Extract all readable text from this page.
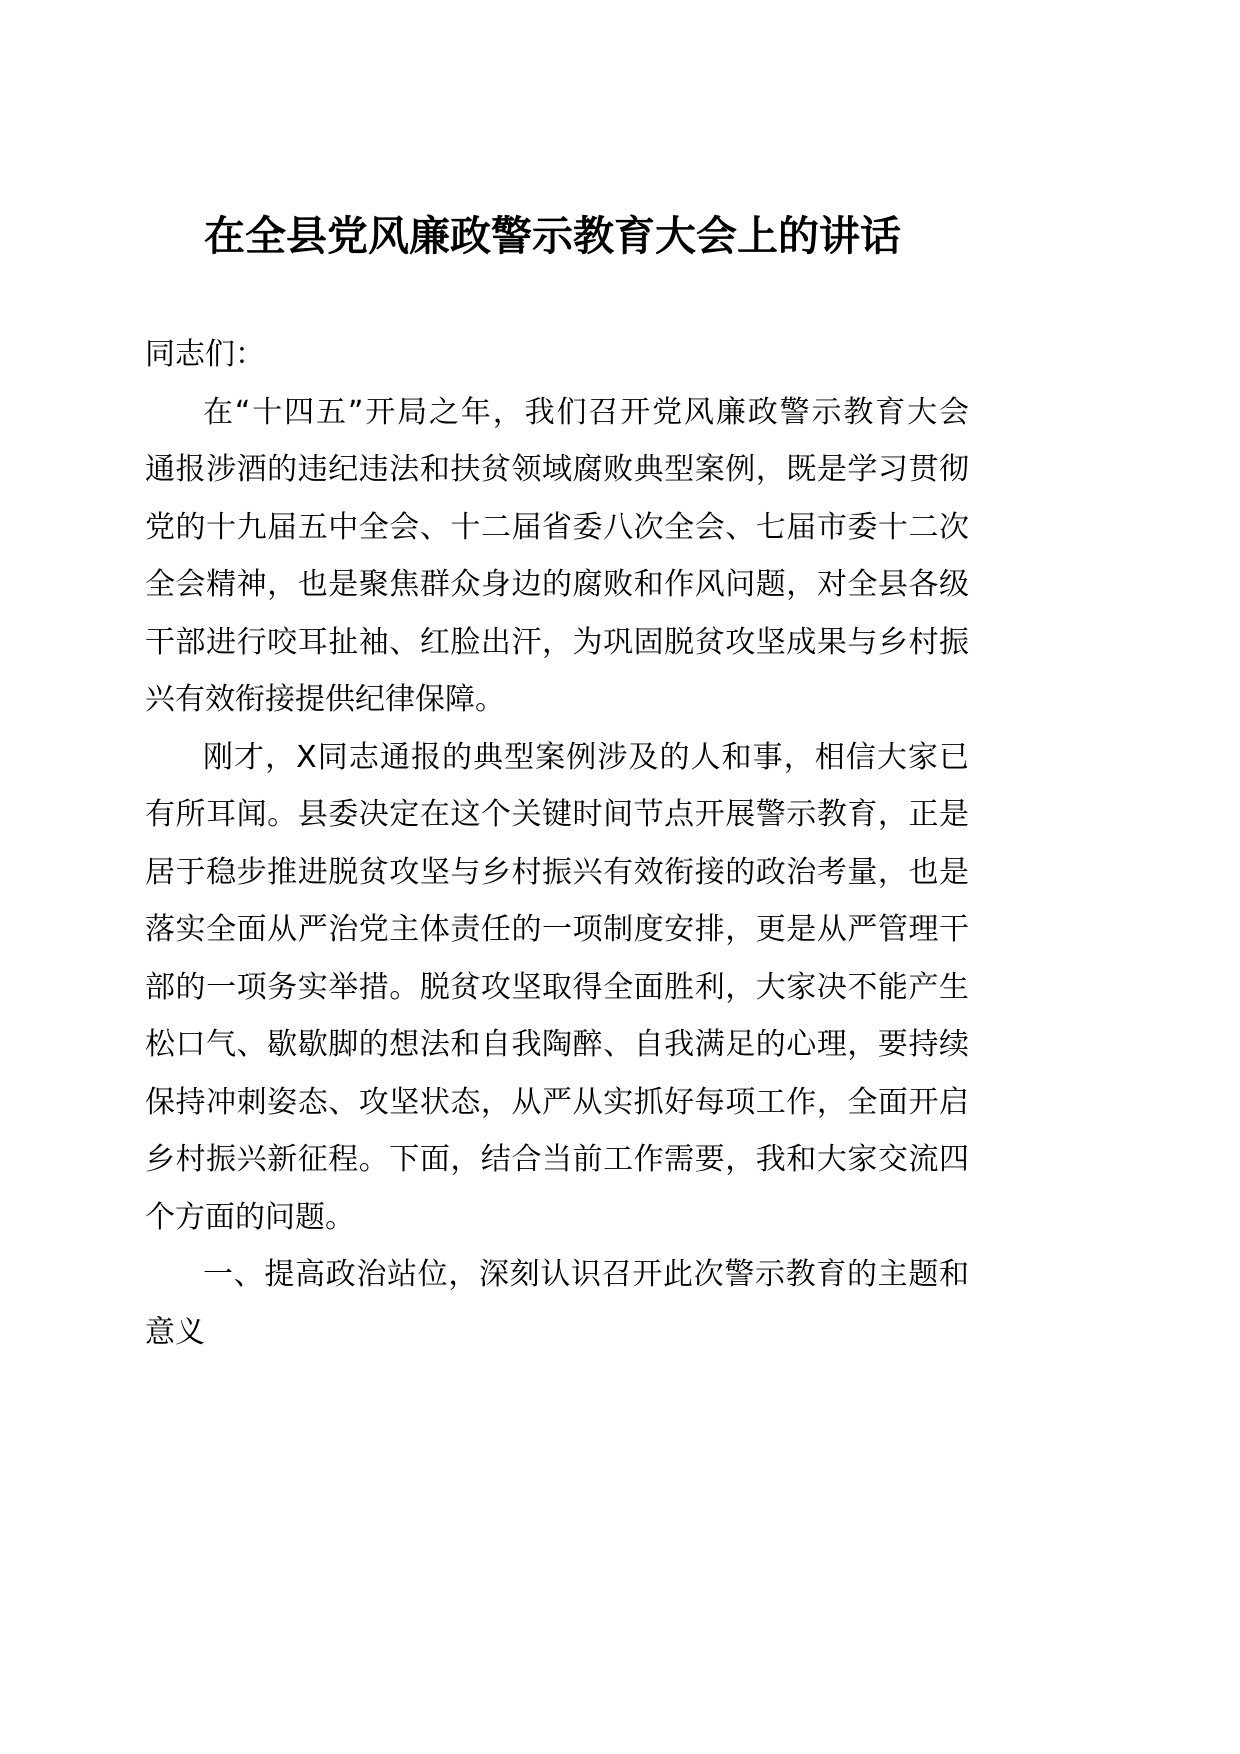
在全县党风廉政警示教育大会上的讲话
同志们：
在“十四五”开局之年，我们召开党风廉政警示教育大会
通报涉酒的违纪违法和扶贫领域腐败典型案例，既是学习贯彻
党的十九届五中全会、十二届省委八次全会、七届市委十二次
全会精神，也是聚焦群众身边的腐败和作风问题，对全县各级
干部进行咬耳扯袖、红脸出汗，为巩固脱贫攻坚成果与乡村振
兴有效衔接提供纪律保障。
刚才，X同志通报的典型案例涉及的人和事，相信大家已
有所耳闻。县委决定在这个关键时间节点开展警示教育，正是
居于稳步推进脱贫攻坚与乡村振兴有效衔接的政治考量，也是
落实全面从严治党主体责任的一项制度安排，更是从严管理干
部的一项务实举措。脱贫攻坚取得全面胜利，大家决不能产生
松口气、歇歇脚的想法和自我陶醉、自我满足的心理，要持续
保持冲刺姿态、攻坚状态，从严从实抓好每项工作，全面开启
乡村振兴新征程。下面，结合当前工作需要，我和大家交流四
个方面的问题。
一、提高政治站位，深刻认识召开此次警示教育的主题和
意义
